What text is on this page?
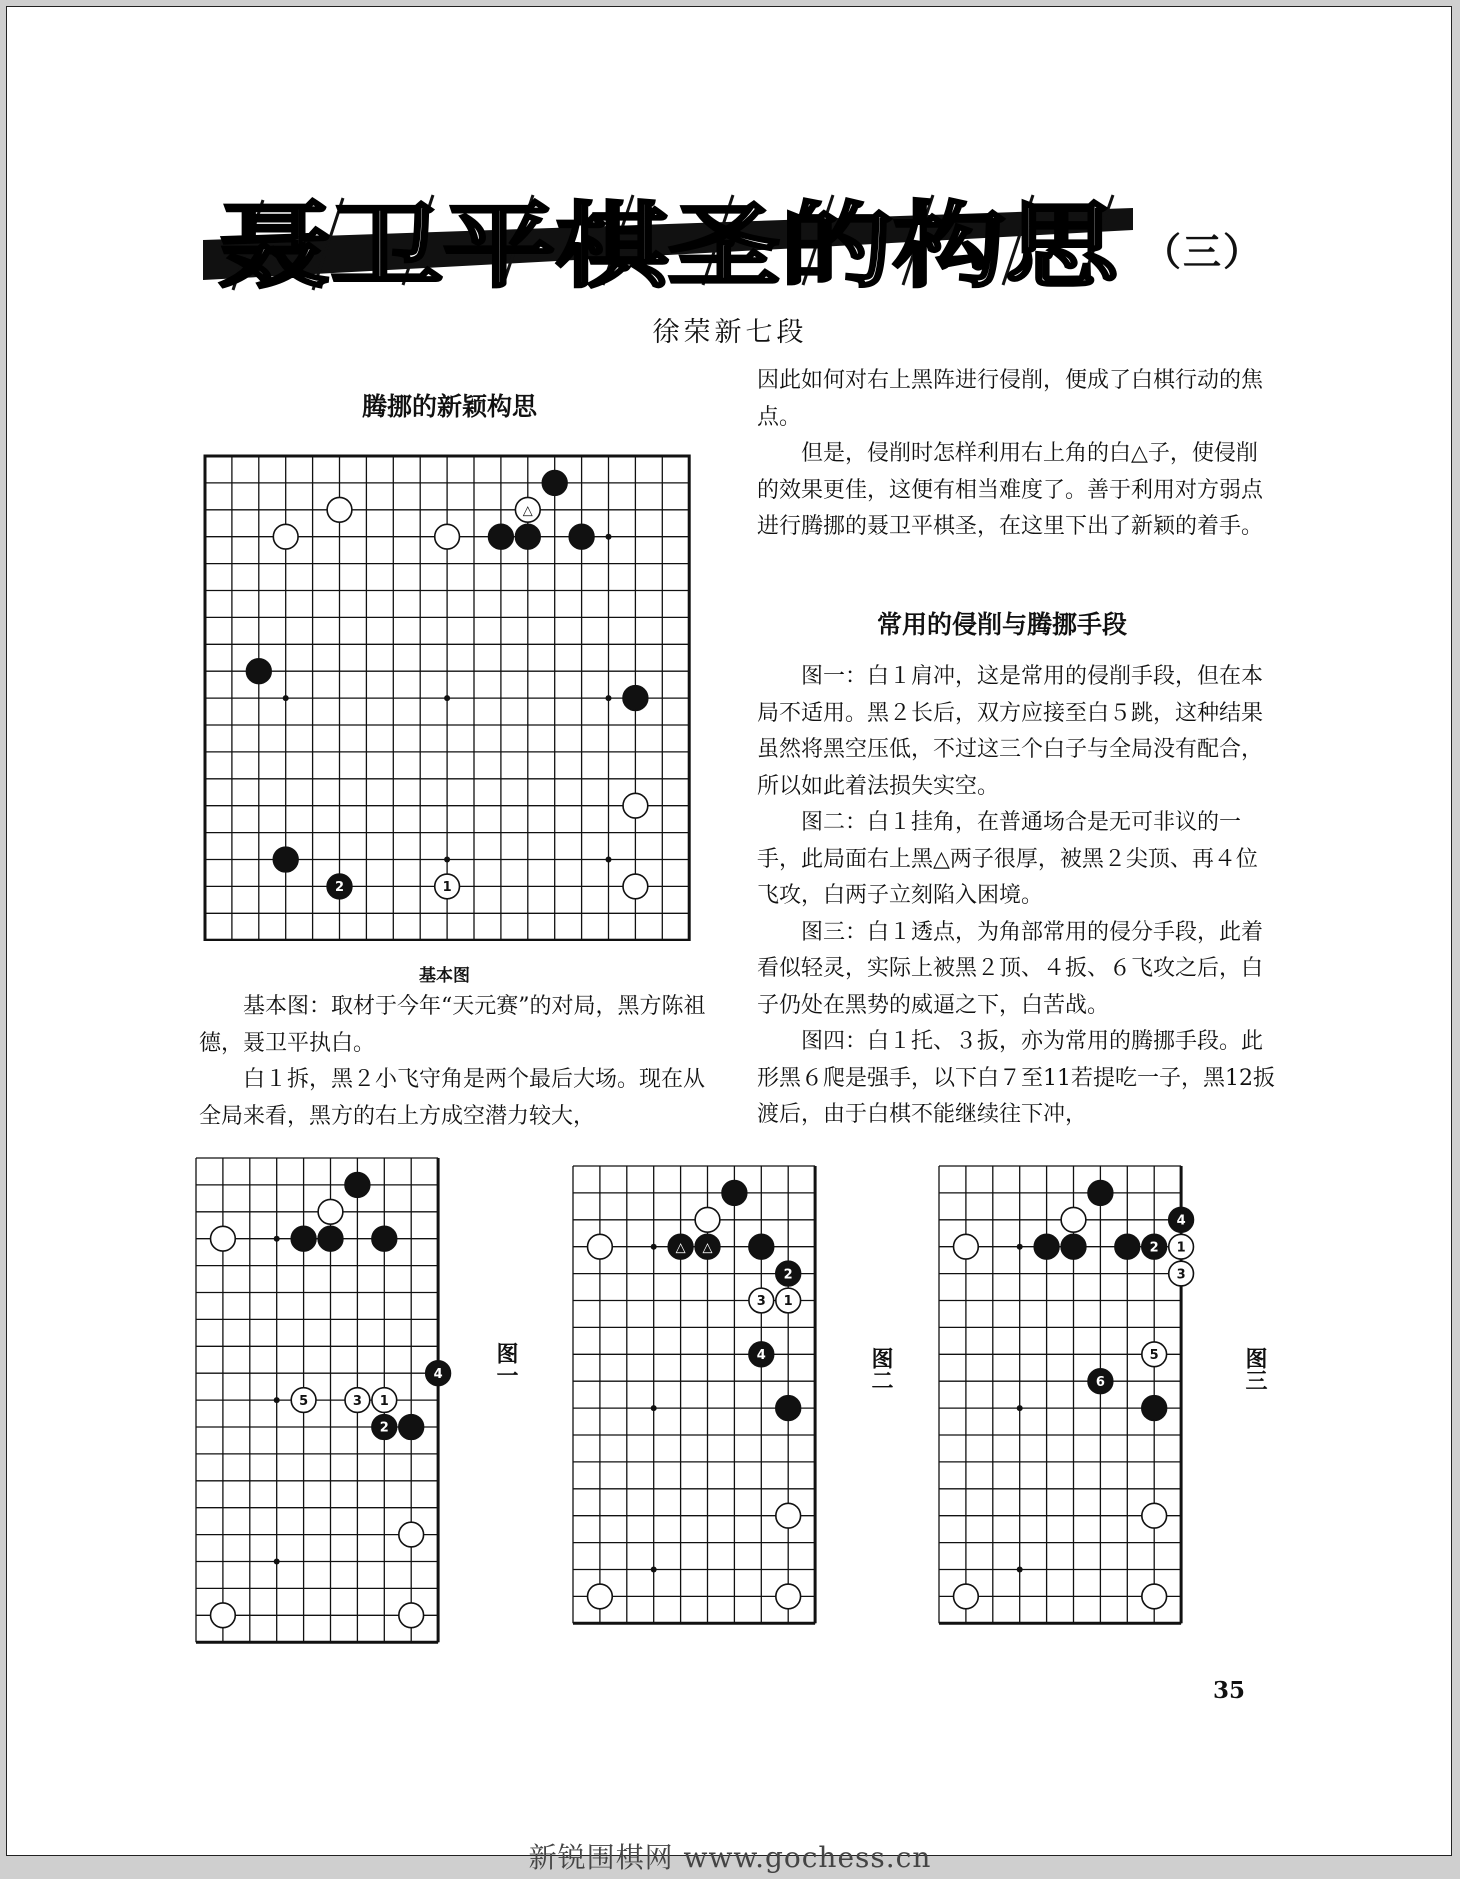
聂卫平棋圣的构思 （三）
徐荣新七段
腾挪的新颖构思
△
2	1
基本图

基本图：取材于今年“天元赛”的对局，黑方陈祖德，聂卫平执白。

白１拆，黑２小飞守角是两个最后大场。现在从全局来看，黑方的右上方成空潜力较大，

因此如何对右上黑阵进行侵削，便成了白棋行动的焦点。

但是，侵削时怎样利用右上角的白△子，使侵削的效果更佳，这便有相当难度了。善于利用对方弱点进行腾挪的聂卫平棋圣，在这里下出了新颖的着手。

常用的侵削与腾挪手段

图一：白１肩冲，这是常用的侵削手段，但在本局不适用。黑２长后，双方应接至白５跳，这种结果虽然将黑空压低，不过这三个白子与全局没有配合，所以如此着法损失实空。

图二：白１挂角，在普通场合是无可非议的一手，此局面右上黑△两子很厚，被黑２尖顶、再４位飞攻，白两子立刻陷入困境。

图三：白１透点，为角部常用的侵分手段，此着看似轻灵，实际上被黑２顶、４扳、６飞攻之后，白子仍处在黑势的威逼之下，白苦战。

图四：白１托、３扳，亦为常用的腾挪手段。此形黑６爬是强手，以下白７至11若提吃一子，黑12扳渡后，由于白棋不能继续往下冲，

4
5	3 1
2
图一
△ △
2
3 1
4	图二
4
2 1
3
5
6	图三
35
新锐围棋网 www.gochess.cn
